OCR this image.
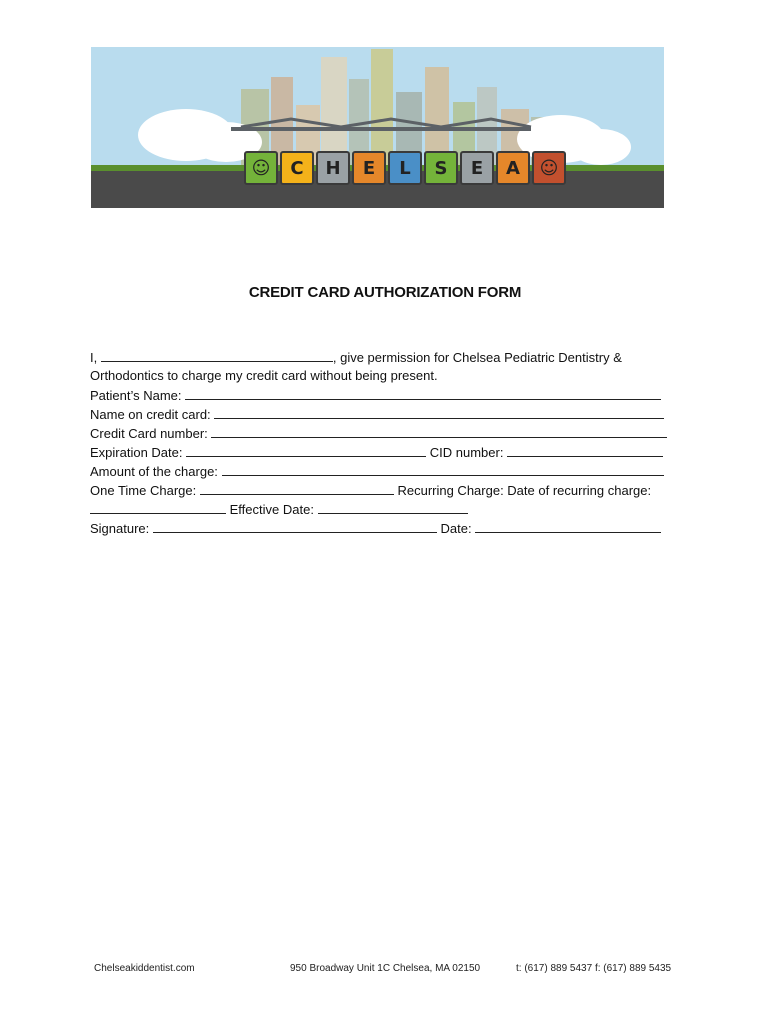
☺	C	H	E	L	S	E	A	☺
Pediatric Dentistry and Orthodontics
CREDIT CARD AUTHORIZATION FORM
I,	, give permission for Chelsea Pediatric Dentistry &
Orthodontics to charge my credit card without being present.
Patient’s Name:
Name on credit card:
Credit Card number:
Expiration Date:	CID number:
Amount of the charge:
One Time Charge:	Recurring Charge: Date of recurring charge:
Effective Date:
Signature:	Date:
Chelseakiddentist.com	950 Broadway Unit 1C Chelsea, MA 02150	t: (617) 889 5437 f: (617) 889 5435
